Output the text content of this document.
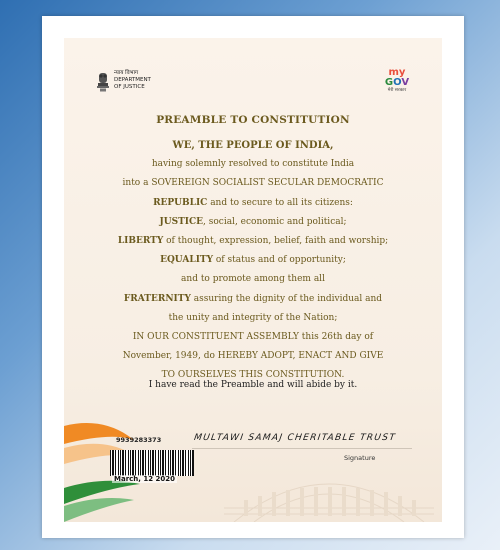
न्याय विभाग
DEPARTMENT
OF JUSTICE
my
GOV
मेरी सरकार
PREAMBLE TO CONSTITUTION
WE, THE PEOPLE OF INDIA,
having solemnly resolved to constitute India
into a SOVEREIGN SOCIALIST SECULAR DEMOCRATIC
REPUBLIC and to secure to all its citizens:
JUSTICE, social, economic and political;
LIBERTY of thought, expression, belief, faith and worship;
EQUALITY of status and of opportunity;
and to promote among them all
FRATERNITY assuring the dignity of the individual and
the unity and integrity of the Nation;
IN OUR CONSTITUENT ASSEMBLY this 26th day of
November, 1949, do HEREBY ADOPT, ENACT AND GIVE
TO OURSELVES THIS CONSTITUTION.
I have read the Preamble and will abide by it.
9939283373	MULTAWI SAMAJ CHERITABLE TRUST
Signature
March, 12 2020
